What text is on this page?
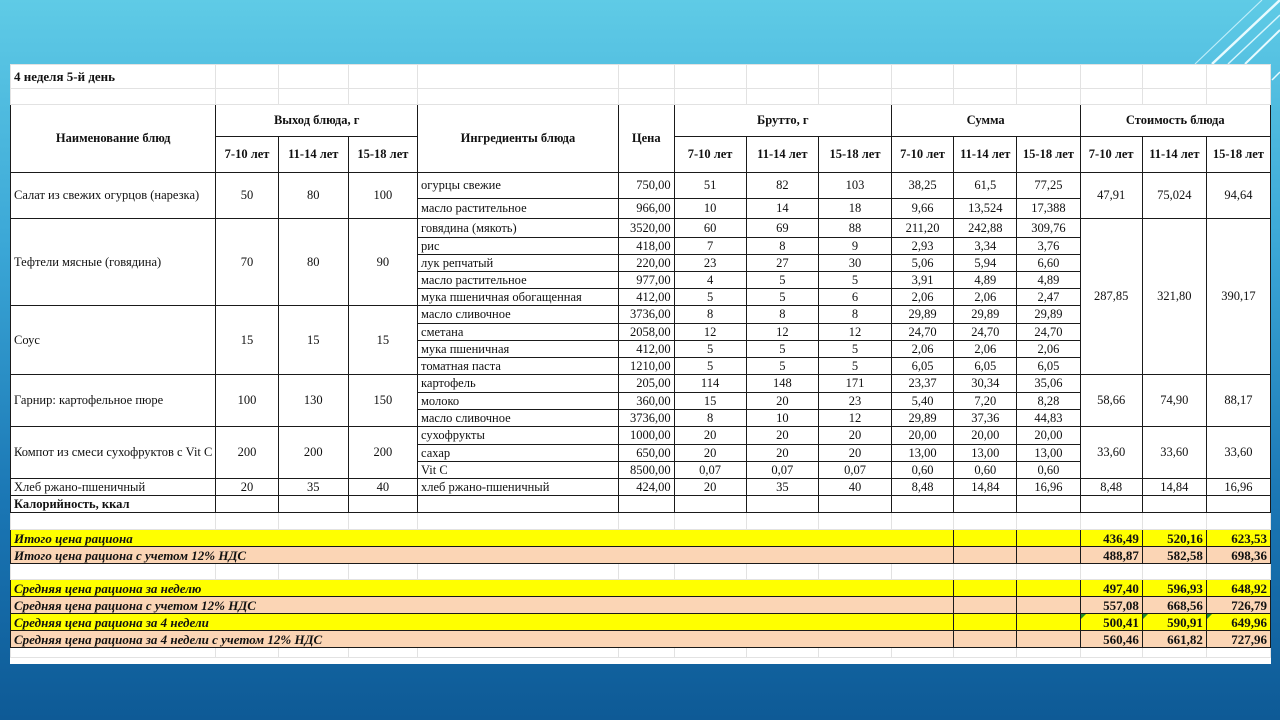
4 неделя 5-й день														

Наименование блюд	Выход блюда, г			Ингредиенты блюда	Цена	Брутто, г			Сумма			Стоимость блюда		
	7-10 лет	11-14 лет	15-18 лет			7-10 лет	11-14 лет	15-18 лет	7-10 лет	11-14 лет	15-18 лет	7-10 лет	11-14 лет	15-18 лет
Салат из свежих огурцов (нарезка)	50	80	100	огурцы свежие	750,00	51	82	103	38,25	61,5	77,25	47,91	75,024	94,64
				масло растительное	966,00	10	14	18	9,66	13,524	17,388			
Тефтели мясные (говядина)	70	80	90	говядина (мякоть)	3520,00	60	69	88	211,20	242,88	309,76	287,85	321,80	390,17
				рис	418,00	7	8	9	2,93	3,34	3,76			
				лук репчатый	220,00	23	27	30	5,06	5,94	6,60			
				масло растительное	977,00	4	5	5	3,91	4,89	4,89			
				мука пшеничная обогащенная	412,00	5	5	6	2,06	2,06	2,47			
Соус	15	15	15	масло сливочное	3736,00	8	8	8	29,89	29,89	29,89			
				сметана	2058,00	12	12	12	24,70	24,70	24,70			
				мука пшеничная	412,00	5	5	5	2,06	2,06	2,06			
				томатная паста	1210,00	5	5	5	6,05	6,05	6,05			
Гарнир: картофельное пюре	100	130	150	картофель	205,00	114	148	171	23,37	30,34	35,06	58,66	74,90	88,17
				молоко	360,00	15	20	23	5,40	7,20	8,28			
				масло сливочное	3736,00	8	10	12	29,89	37,36	44,83			
Компот из смеси сухофруктов с Vit C	200	200	200	сухофрукты	1000,00	20	20	20	20,00	20,00	20,00	33,60	33,60	33,60
				сахар	650,00	20	20	20	13,00	13,00	13,00			
				Vit C	8500,00	0,07	0,07	0,07	0,60	0,60	0,60			
Хлеб ржано-пшеничный	20	35	40	хлеб ржано-пшеничный	424,00	20	35	40	8,48	14,84	16,96	8,48	14,84	16,96
Калорийность, ккал														

Итого цена рациона												436,49	520,16	623,53
Итого цена рациона с учетом 12% НДС												488,87	582,58	698,36

Средняя цена рациона за неделю												497,40	596,93	648,92
Средняя цена рациона с учетом 12% НДС												557,08	668,56	726,79
Средняя цена рациона за 4 недели												500,41	590,91	649,96
Средняя цена рациона за 4 недели с учетом 12% НДС												560,46	661,82	727,96
